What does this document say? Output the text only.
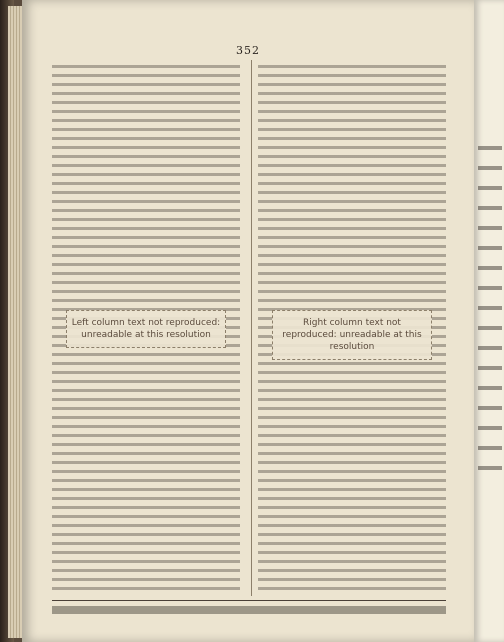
352
Left column text not reproduced: unreadable at this resolution
Right column text not reproduced: unreadable at this resolution
